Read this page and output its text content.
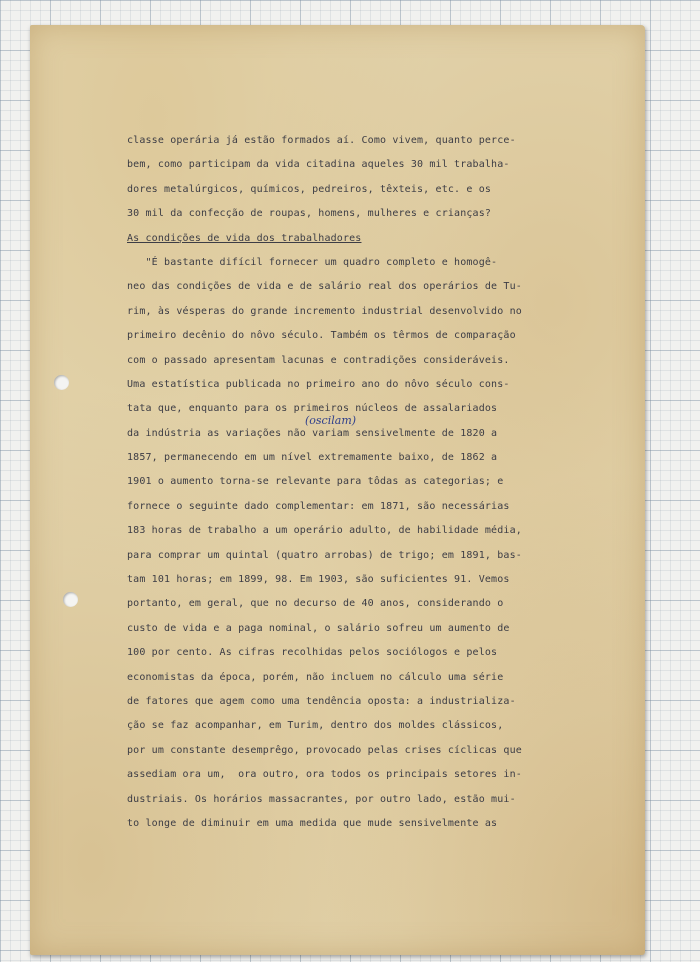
classe operária já estão formados aí. Como vivem, quanto perce-
bem, como participam da vida citadina aqueles 30 mil trabalha-
dores metalúrgicos, químicos, pedreiros, têxteis, etc. e os
30 mil da confecção de roupas, homens, mulheres e crianças?
As condições de vida dos trabalhadores
"É bastante difícil fornecer um quadro completo e homogê-
neo das condições de vida e de salário real dos operários de Tu-
rim, às vésperas do grande incremento industrial desenvolvido no
primeiro decênio do nôvo século. Também os têrmos de comparação
com o passado apresentam lacunas e contradições consideráveis.
Uma estatística publicada no primeiro ano do nôvo século cons-
tata que, enquanto para os primeiros núcleos de assalariados
da indústria as variações não variam sensivelmente de 1820 a
1857, permanecendo em um nível extremamente baixo, de 1862 a
1901 o aumento torna-se relevante para tôdas as categorias; e
fornece o seguinte dado complementar: em 1871, são necessárias
183 horas de trabalho a um operário adulto, de habilidade média,
para comprar um quintal (quatro arrobas) de trigo; em 1891, bas-
tam 101 horas; em 1899, 98. Em 1903, são suficientes 91. Vemos
portanto, em geral, que no decurso de 40 anos, considerando o
custo de vida e a paga nominal, o salário sofreu um aumento de
100 por cento. As cifras recolhidas pelos sociólogos e pelos
economistas da época, porém, não incluem no cálculo uma série
de fatores que agem como uma tendência oposta: a industrializa-
ção se faz acompanhar, em Turim, dentro dos moldes clássicos,
por um constante desemprêgo, provocado pelas crises cíclicas que
assediam ora um,  ora outro, ora todos os principais setores in-
dustriais. Os horários massacrantes, por outro lado, estão mui-
to longe de diminuir em uma medida que mude sensivelmente as
(oscilam)
